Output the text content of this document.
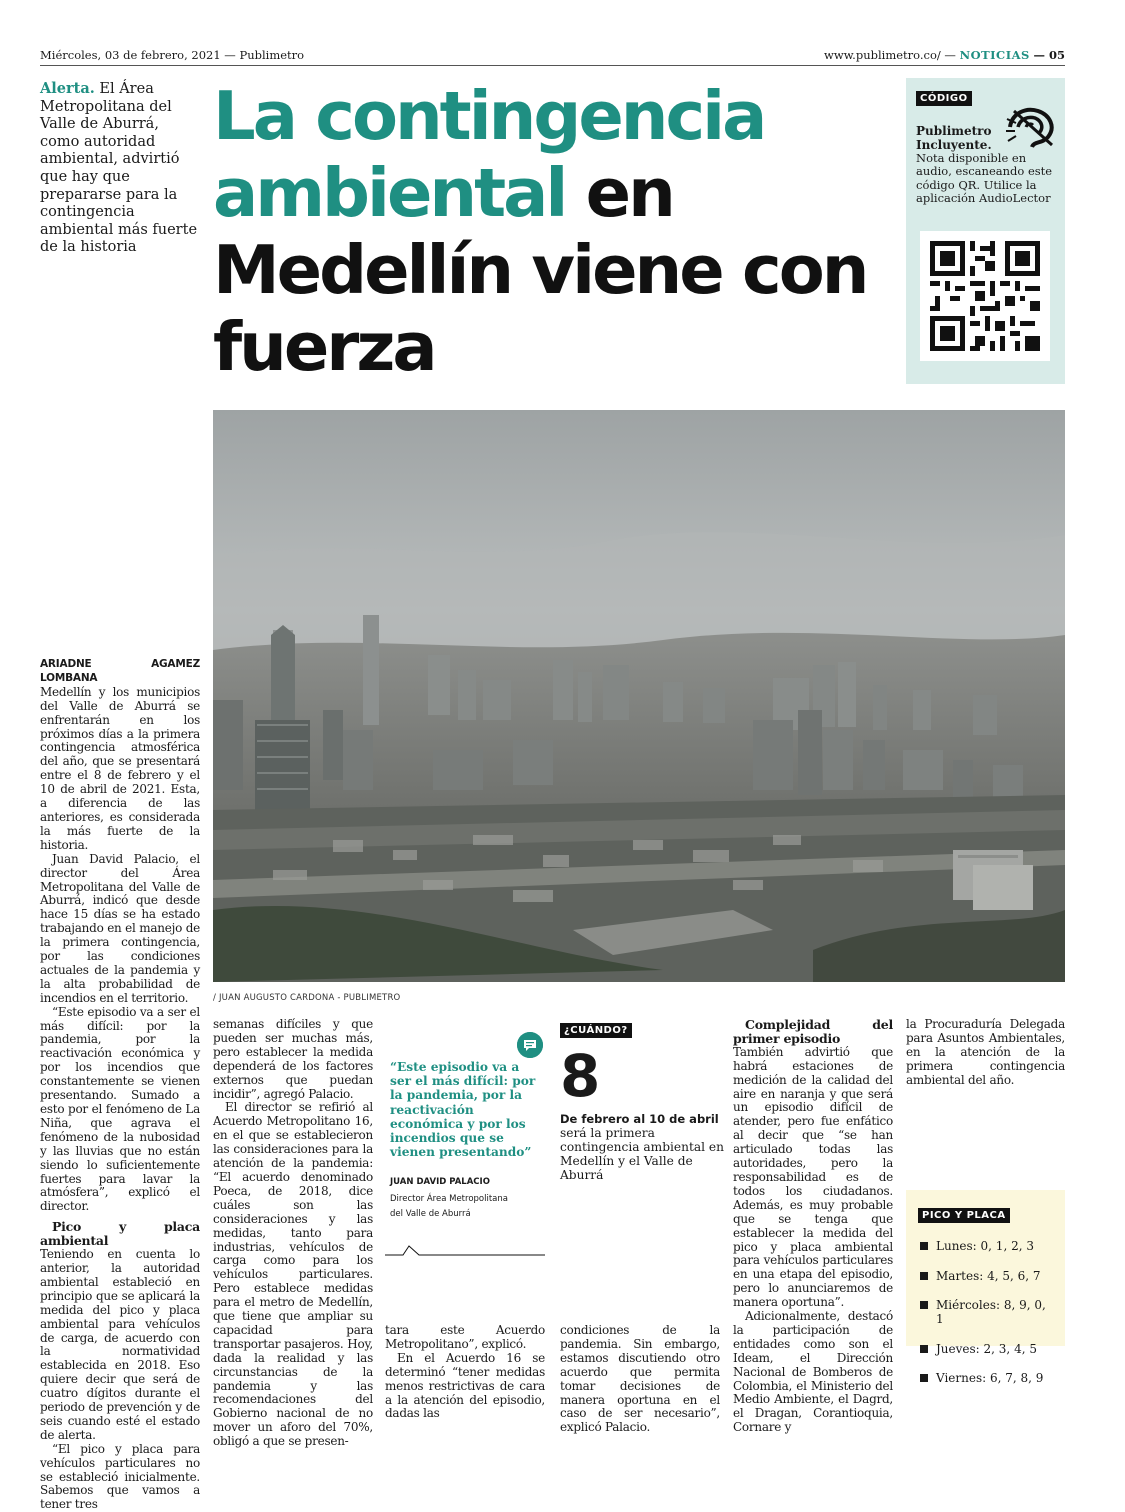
Miércoles, 03 de febrero, 2021 — Publimetro	www.publimetro.co/ — NOTICIAS — 05
Alerta. El Área Metropolitana del Valle de Aburrá, como autoridad ambiental, advirtió que hay que prepararse para la contingencia ambiental más fuerte de la historia
La contingencia ambiental en Medellín viene con fuerza
CÓDIGO
Publimetro Incluyente.
Nota disponible en audio, escaneando este código QR. Utilice la aplicación AudioLector
/ JUAN AUGUSTO CARDONA - PUBLIMETRO

ARIADNE AGAMEZ LOMBANA

Medellín y los municipios del Valle de Aburrá se enfrentarán en los próximos días a la primera contingencia atmosférica del año, que se presentará entre el 8 de febrero y el 10 de abril de 2021. Esta, a diferencia de las anteriores, es considerada la más fuerte de la historia.

Juan David Palacio, el director del Área Metropolitana del Valle de Aburrá, indicó que desde hace 15 días se ha estado trabajando en el manejo de la primera contingencia, por las condiciones actuales de la pandemia y la alta probabilidad de incendios en el territorio.

“Este episodio va a ser el más difícil: por la pandemia, por la reactivación económica y por los incendios que constantemente se vienen presentando. Sumado a esto por el fenómeno de La Niña, que agrava el fenómeno de la nubosidad y las lluvias que no están siendo lo suficientemente fuertes para lavar la atmósfera”, explicó el director.

Pico y placa ambiental

Teniendo en cuenta lo anterior, la autoridad ambiental estableció en principio que se aplicará la medida del pico y placa ambiental para vehículos de carga, de acuerdo con la normatividad establecida en 2018. Eso quiere decir que será de cuatro dígitos durante el periodo de prevención y de seis cuando esté el estado de alerta.

“El pico y placa para vehículos particulares no se estableció inicialmente. Sabemos que vamos a tener tres

semanas difíciles y que pueden ser muchas más, pero establecer la medida dependerá de los factores externos que puedan incidir”, agregó Palacio.

El director se refirió al Acuerdo Metropolitano 16, en el que se establecieron las consideraciones para la atención de la pandemia: “El acuerdo denominado Poeca, de 2018, dice cuáles son las consideraciones y las medidas, tanto para industrias, vehículos de carga como para los vehículos particulares. Pero establece medidas para el metro de Medellín, que tiene que ampliar su capacidad para transportar pasajeros. Hoy, dada la realidad y las circunstancias de la pandemia y las recomendaciones del Gobierno nacional de no mover un aforo del 70%, obligó a que se presen-

“Este episodio va a ser el más difícil: por la pandemia, por la reactivación económica y por los incendios que se vienen presentando”
JUAN DAVID PALACIO
Director Área Metropolitana del Valle de Aburrá

tara este Acuerdo Metropolitano”, explicó.

En el Acuerdo 16 se determinó “tener medidas menos restrictivas de cara a la atención del episodio, dadas las

¿CUÁNDO?
8
De febrero al 10 de abril
será la primera contingencia ambiental en Medellín y el Valle de Aburrá

condiciones de la pandemia. Sin embargo, estamos discutiendo otro acuerdo que permita tomar decisiones de manera oportuna en el caso de ser necesario”, explicó Palacio.

Complejidad del primer episodio

También advirtió que habrá estaciones de medición de la calidad del aire en naranja y que será un episodio difícil de atender, pero fue enfático al decir que “se han articulado todas las autoridades, pero la responsabilidad es de todos los ciudadanos. Además, es muy probable que se tenga que establecer la medida del pico y placa ambiental para vehículos particulares en una etapa del episodio, pero lo anunciaremos de manera oportuna”.

Adicionalmente, destacó la participación de entidades como son el Ideam, el Dirección Nacional de Bomberos de Colombia, el Ministerio del Medio Ambiente, el Dagrd, el Dragan, Corantioquia, Cornare y

la Procuraduría Delegada para Asuntos Ambientales, en la atención de la primera contingencia ambiental del año.

PICO Y PLACA
Lunes: 0, 1, 2, 3
Martes: 4, 5, 6, 7
Miércoles: 8, 9, 0, 1
Jueves: 2, 3, 4, 5
Viernes: 6, 7, 8, 9
